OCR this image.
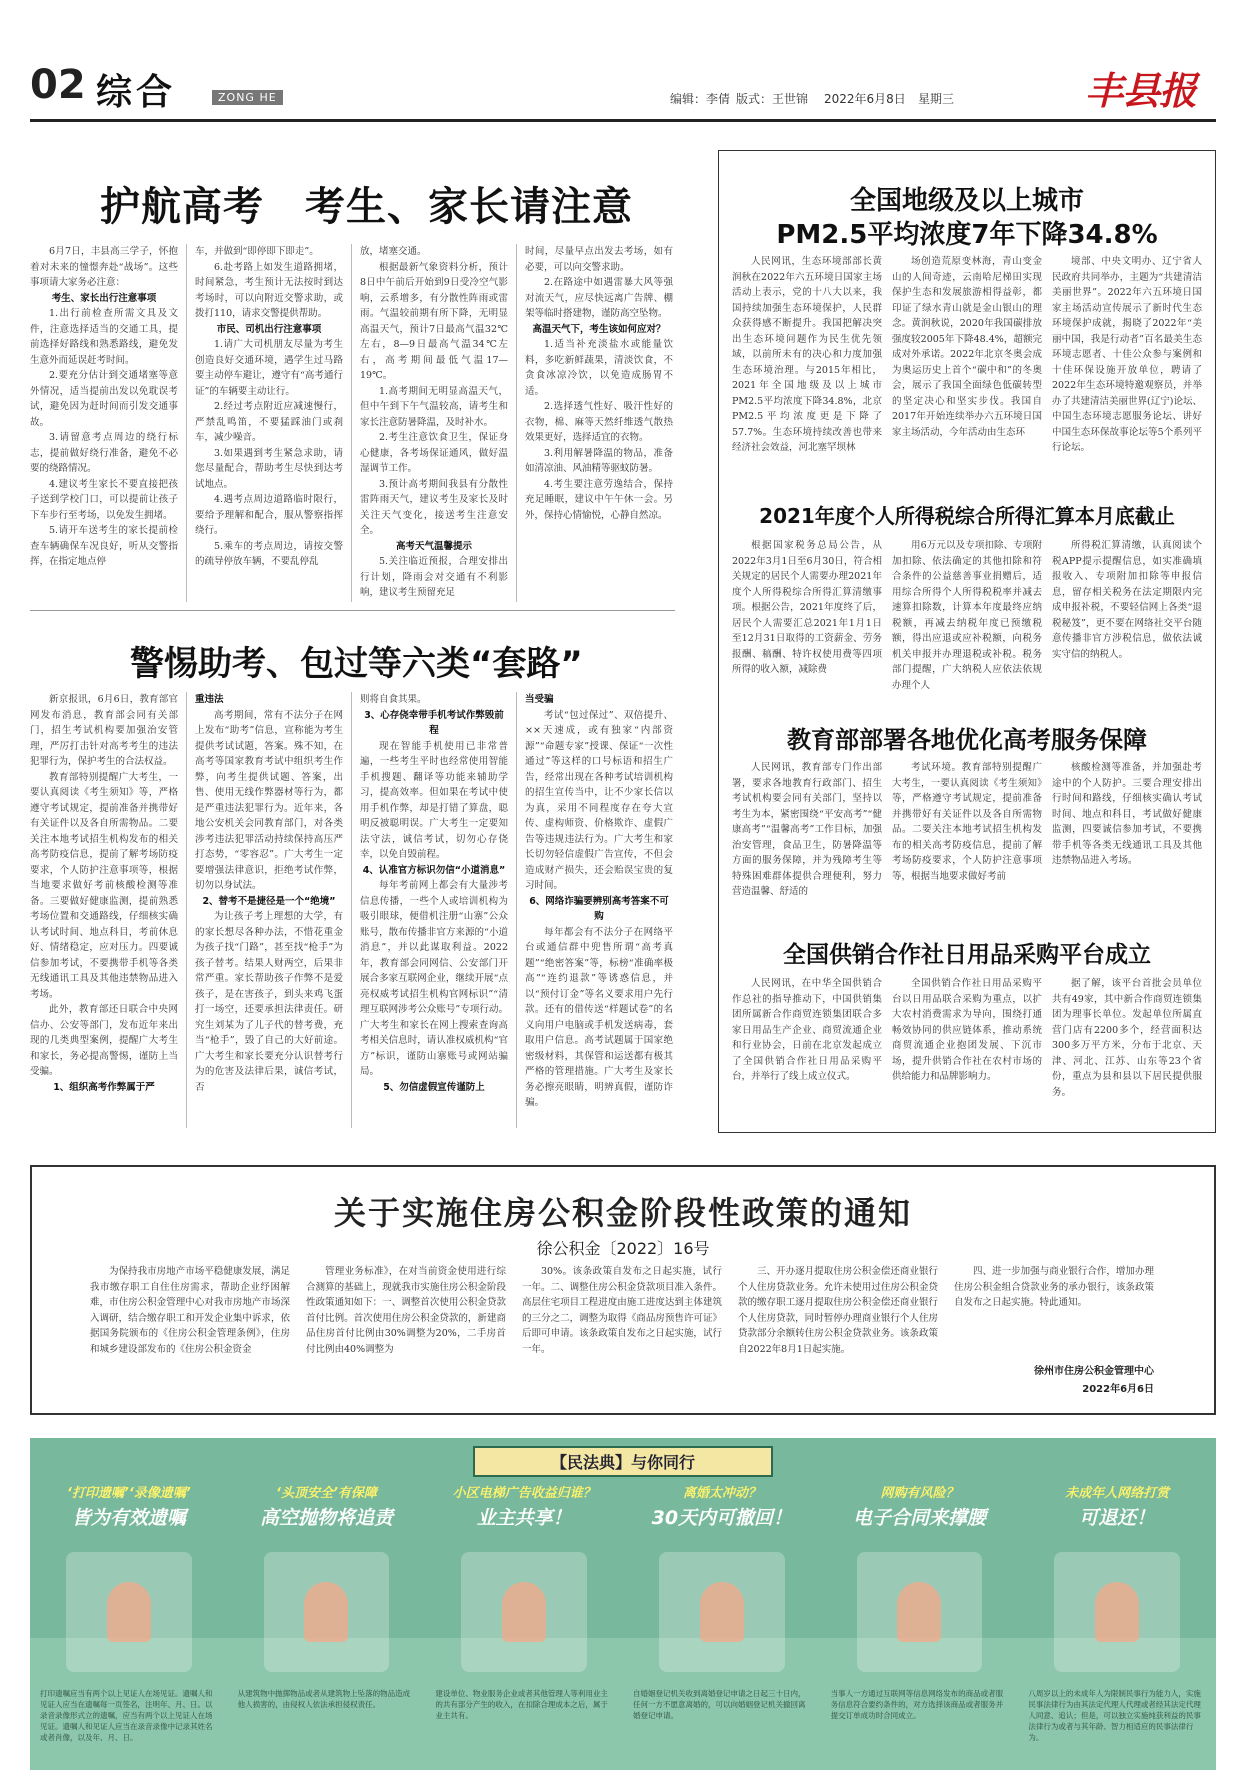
02 综合	ZONG HE	编辑：李倩 版式：王世锦 2022年6月8日 星期三	丰县报
护航高考　考生、家长请注意

6月7日，丰县高三学子，怀抱着对未来的憧憬奔赴“战场”。这些事项请大家务必注意：

考生、家长出行注意事项

1.出行前检查所需文具及文件，注意选择适当的交通工具，提前选择好路线和熟悉路线，避免发生意外而延误赶考时间。

2.要充分估计到交通堵塞等意外情况，适当提前出发以免耽误考试，避免因为赶时间而引发交通事故。

3.请留意考点周边的绕行标志，提前做好绕行准备，避免不必要的绕路情况。

4.建议考生家长不要直接把孩子送到学校门口，可以提前让孩子下车步行至考场，以免发生拥堵。

5.请开车送考生的家长提前检查车辆确保车况良好，听从交警指挥，在指定地点停

车，并做到“即停即下即走”。

6.赴考路上如发生道路拥堵，时间紧急，考生预计无法按时到达考场时，可以向附近交警求助，或拨打110，请求交警提供帮助。

市民、司机出行注意事项

1.请广大司机朋友尽量为考生创造良好交通环境，遇学生过马路要主动停车避让，遵守有“高考通行证”的车辆要主动让行。

2.经过考点附近应减速慢行，严禁乱鸣笛，不要猛踩油门或刹车，减少噪音。

3.如果遇到考生紧急求助，请您尽量配合，帮助考生尽快到达考试地点。

4.遇考点周边道路临时限行，要给予理解和配合，服从警察指挥绕行。

5.乘车的考点周边，请按交警的疏导停放车辆，不要乱停乱

放，堵塞交通。

根据最新气象资料分析，预计8日中午前后开始到9日受冷空气影响，云系增多，有分散性阵雨或雷雨。气温较前期有所下降，无明显高温天气，预计7日最高气温32℃左右，8—9日最高气温34℃左右，高考期间最低气温17—19℃。

1.高考期间无明显高温天气，但中午到下午气温较高，请考生和家长注意防暑降温，及时补水。

2.考生注意饮食卫生，保证身心健康，各考场保证通风，做好温湿调节工作。

3.预计高考期间我县有分散性雷阵雨天气，建议考生及家长及时关注天气变化，接送考生注意安全。

高考天气温馨提示

5.关注临近预报，合理安排出行计划，降雨会对交通有不利影响，建议考生预留充足

时间，尽量早点出发去考场，如有必要，可以向交警求助。

2.在路途中如遇雷暴大风等强对流天气，应尽快远离广告牌、棚架等临时搭建物，谨防高空坠物。

高温天气下，考生该如何应对？

1.适当补充淡盐水或能量饮料，多吃新鲜蔬果，清淡饮食，不贪食冰凉冷饮，以免造成肠胃不适。

2.选择透气性好、吸汗性好的衣物，棉、麻等天然纤维透气散热效果更好，选择适宜的衣物。

3.利用解暑降温的物品，准备如清凉油、风油精等驱蚊防暑。

4.考生要注意劳逸结合，保持充足睡眠，建议中午午休一会。另外，保持心情愉悦，心静自然凉。

警惕助考、包过等六类“套路”

新京报讯，6月6日，教育部官网发布消息，教育部会同有关部门，招生考试机构要加强治安管理，严厉打击针对高考考生的违法犯罪行为，保护考生的合法权益。

教育部特别提醒广大考生，一要认真阅读《考生须知》等，严格遵守考试规定，提前准备并携带好有关证件以及各自所需物品。二要关注本地考试招生机构发布的相关高考防疫信息，提前了解考场防疫要求，个人防护注意事项等，根据当地要求做好考前核酸检测等准备。三要做好健康监测，提前熟悉考场位置和交通路线，仔细核实确认考试时间、地点科目，考前休息好、情绪稳定，应对压力。四要诚信参加考试，不要携带手机等各类无线通讯工具及其他违禁物品进入考场。

此外，教育部还日联合中央网信办、公安等部门，发布近年来出现的几类典型案例，提醒广大考生和家长，务必提高警惕，谨防上当受骗。

1、组织高考作弊属于严
重违法

高考期间，常有不法分子在网上发布“助考”信息，宣称能为考生提供考试试题，答案。殊不知，在高考等国家教育考试中组织考生作弊，向考生提供试题、答案，出售、使用无线作弊器材等行为，都是严重违法犯罪行为。近年来，各地公安机关会同教育部门，对各类涉考违法犯罪活动持续保持高压严打态势，“零容忍”。广大考生一定要增强法律意识，拒绝考试作弊，切勿以身试法。

2、替考不是捷径是一个“绝境”

为让孩子考上理想的大学，有的家长想尽各种办法，不惜花重金为孩子找“门路”，甚至找“枪手”为孩子替考。结果人财两空，后果非常严重。家长帮助孩子作弊不是爱孩子，是在害孩子，到头来鸡飞蛋打一场空，还要承担法律责任。研究生刘某为了儿子代的替考费，充当“枪手”，毁了自己的大好前途。广大考生和家长要充分认识替考行为的危害及法律后果，诚信考试，否

则将自食其果。

3、心存侥幸带手机考试作弊毁前程

现在智能手机使用已非常普遍，一些考生平时也经常使用智能手机搜题、翻译等功能来辅助学习，提高效率。但如果在考试中使用手机作弊，却是打错了算盘，聪明反被聪明误。广大考生一定要知法守法，诚信考试，切勿心存侥幸，以免自毁前程。

4、认准官方标识勿信“小道消息”

每年考前网上都会有大量涉考信息传播，一些个人或培训机构为吸引眼球，便借机注册“山寨”公众账号，散布传播非官方来源的“小道消息”，并以此谋取利益。2022年，教育部会同网信、公安部门开展合多家互联网企业，继续开展“点亮权威考试招生机构官网标识”“清理互联网涉考公众账号”专项行动。广大考生和家长在网上搜索查询高考相关信息时，请认准权威机构“官方”标识，谨防山寨账号或网站骗局。

5、勿信虚假宣传谨防上
当受骗

考试“包过保过”、双倍提升、××天速成，或有独家“内部资源”“命题专家”授课、保证“一次性通过”等这样的口号标语和招生广告，经常出现在各种考试培训机构的招生宣传当中，让不少家长信以为真，采用不同程度存在夸大宣传、虚构师资、价格欺诈、虚假广告等违规违法行为。广大考生和家长切勿轻信虚假广告宣传，不但会造成财产损失，还会贻误宝贵的复习时间。

6、网络诈骗要辨别高考答案不可购

每年都会有不法分子在网络平台或通信群中兜售所谓“高考真题”“绝密答案”等，标榜“准确率极高”“连约退款”等诱惑信息，并以“预付订金”等名义要求用户先行款。还有的借传送“样题试卷”的名义向用户电脑或手机发送病毒，套取用户信息。高考试题属于国家绝密级材料，其保管和运送都有极其严格的管理措施。广大考生及家长务必擦亮眼睛，明辨真假，谨防诈骗。

全国地级及以上城市
PM2.5平均浓度7年下降34.8%

人民网讯，生态环境部部长黄润秋在2022年六五环境日国家主场活动上表示，党的十八大以来，我国持续加强生态环境保护，人民群众获得感不断提升。我国把解决突出生态环境问题作为民生优先领域，以前所未有的决心和力度加强生态环境治理。与2015年相比，2021年全国地级及以上城市PM2.5平均浓度下降34.8%，北京PM2.5平均浓度更是下降了57.7%。生态环境持续改善也带来经济社会效益，河北塞罕坝林

场创造荒原变林海，青山变金山的人间奇迹，云南哈尼梯田实现保护生态和发展旅游相得益彰，都印证了绿水青山就是金山银山的理念。黄润秋说，2020年我国碳排放强度较2005年下降48.4%，超额完成对外承诺。2022年北京冬奥会成为奥运历史上首个“碳中和”的冬奥会，展示了我国全面绿色低碳转型的坚定决心和坚实步伐。我国自2017年开始连续举办六五环境日国家主场活动，今年活动由生态环

境部、中央文明办、辽宁省人民政府共同举办，主题为“共建清洁美丽世界”。2022年六五环境日国家主场活动宣传展示了新时代生态环境保护成就，揭晓了2022年“美丽中国，我是行动者”百名最美生态环境志愿者、十佳公众参与案例和十佳环保设施开放单位，聘请了2022年生态环境特邀观察员，并举办了共建清洁美丽世界(辽宁)论坛、中国生态环境志愿服务论坛、讲好中国生态环保故事论坛等5个系列平行论坛。

2021年度个人所得税综合所得汇算本月底截止

根据国家税务总局公告，从2022年3月1日至6月30日，符合相关规定的居民个人需要办理2021年度个人所得税综合所得汇算清缴事项。根据公告，2021年度终了后，居民个人需要汇总2021年1月1日至12月31日取得的工资薪金、劳务报酬、稿酬、特许权使用费等四项所得的收入额，减除费

用6万元以及专项扣除、专项附加扣除、依法确定的其他扣除和符合条件的公益慈善事业捐赠后，适用综合所得个人所得税税率并减去速算扣除数，计算本年度最终应纳税额，再减去纳税年度已预缴税额，得出应退或应补税额，向税务机关申报并办理退税或补税。税务部门提醒，广大纳税人应依法依规办理个人

所得税汇算清缴，认真阅读个税APP提示提醒信息，如实准确填报收入、专项附加扣除等申报信息，留存相关税务在法定期限内完成申报补税，不要轻信网上各类“退税秘笈”，更不要在网络社交平台随意传播非官方涉税信息，做依法诚实守信的纳税人。

教育部部署各地优化高考服务保障

人民网讯，教育部专门作出部署，要求各地教育行政部门、招生考试机构要会同有关部门，坚持以考生为本，紧密围绕“平安高考”“健康高考”“温馨高考”工作目标，加强治安管理，食品卫生，防暑降温等方面的服务保障，并为残障考生等特殊困难群体提供合理便利，努力营造温馨、舒适的

考试环境。教育部特别提醒广大考生，一要认真阅读《考生须知》等，严格遵守考试规定，提前准备并携带好有关证件以及各自所需物品。二要关注本地考试招生机构发布的相关高考防疫信息，提前了解考场防疫要求，个人防护注意事项等，根据当地要求做好考前

核酸检测等准备，并加强赴考途中的个人防护。三要合理安排出行时间和路线，仔细核实确认考试时间、地点和科目，考试做好健康监测，四要诚信参加考试，不要携带手机等各类无线通讯工具及其他违禁物品进入考场。

全国供销合作社日用品采购平台成立

人民网讯，在中华全国供销合作总社的指导推动下，中国供销集团所属新合作商贸连锁集团联合多家日用品生产企业、商贸流通企业和行业协会，日前在北京发起成立了全国供销合作社日用品采购平台，并举行了线上成立仪式。

全国供销合作社日用品采购平台以日用品联合采购为重点，以扩大农村消费需求为导向，围绕打通畅效协同的供应链体系，推动系统商贸流通企业抱团发展、下沉市场，提升供销合作社在农村市场的供给能力和品牌影响力。

据了解，该平台首批会员单位共有49家，其中新合作商贸连锁集团为理事长单位。发起单位所属直营门店有2200多个，经营面积达300多万平方米，分布于北京、天津、河北、江苏、山东等23个省份，重点为县和县以下居民提供服务。

关于实施住房公积金阶段性政策的通知
徐公积金〔2022〕16号

为保持我市房地产市场平稳健康发展，满足我市缴存职工自住住房需求，帮助企业纾困解难，市住房公积金管理中心对我市房地产市场深入调研，结合缴存职工和开发企业集中诉求，依据国务院颁布的《住房公积金管理条例》，住房和城乡建设部发布的《住房公积金资金

管理业务标准》，在对当前资金使用进行综合测算的基础上，现就我市实施住房公积金阶段性政策通知如下：一、调整首次使用公积金贷款首付比例。首次使用住房公积金贷款的，新建商品住房首付比例由30%调整为20%，二手房首付比例由40%调整为

30%。该条政策自发布之日起实施，试行一年。二、调整住房公积金贷款项目准入条件。高层住宅项目工程进度由施工进度达到主体建筑的三分之二，调整为取得《商品房预售许可证》后即可申请。该条政策自发布之日起实施，试行一年。

三、开办逐月提取住房公积金偿还商业银行个人住房贷款业务。允许未使用过住房公积金贷款的缴存职工逐月提取住房公积金偿还商业银行个人住房贷款，同时暂停办理商业银行个人住房贷款部分余额转住房公积金贷款业务。该条政策自2022年8月1日起实施。

四、进一步加强与商业银行合作，增加办理住房公积金组合贷款业务的承办银行，该条政策自发布之日起实施。特此通知。

徐州市住房公积金管理中心
2022年6月6日
【民法典】与你同行
‘打印遗嘱’‘录像遗嘱’
皆为有效遗嘱
打印遗嘱应当有两个以上见证人在场见证。遗嘱人和见证人应当在遗嘱每一页签名，注明年、月、日。以录音录像形式立的遗嘱，应当有两个以上见证人在场见证。遗嘱人和见证人应当在录音录像中记录其姓名或者肖像，以及年、月、日。
‘头顶安全’有保障
高空抛物将追责
从建筑物中抛掷物品或者从建筑物上坠落的物品造成他人损害的，由侵权人依法承担侵权责任。
小区电梯广告收益归谁？
业主共享！
建设单位、物业服务企业或者其他管理人等利用业主的共有部分产生的收入，在扣除合理成本之后，属于业主共有。
离婚太冲动？
30天内可撤回！
自婚姻登记机关收到离婚登记申请之日起三十日内，任何一方不愿意离婚的，可以向婚姻登记机关撤回离婚登记申请。
网购有风险？
电子合同来撑腰
当事人一方通过互联网等信息网络发布的商品或者服务信息符合要约条件的，对方选择该商品或者服务并提交订单成功时合同成立。
未成年人网络打赏
可退还！
八周岁以上的未成年人为限制民事行为能力人，实施民事法律行为由其法定代理人代理或者经其法定代理人同意、追认；但是，可以独立实施纯获利益的民事法律行为或者与其年龄、智力相适应的民事法律行为。
